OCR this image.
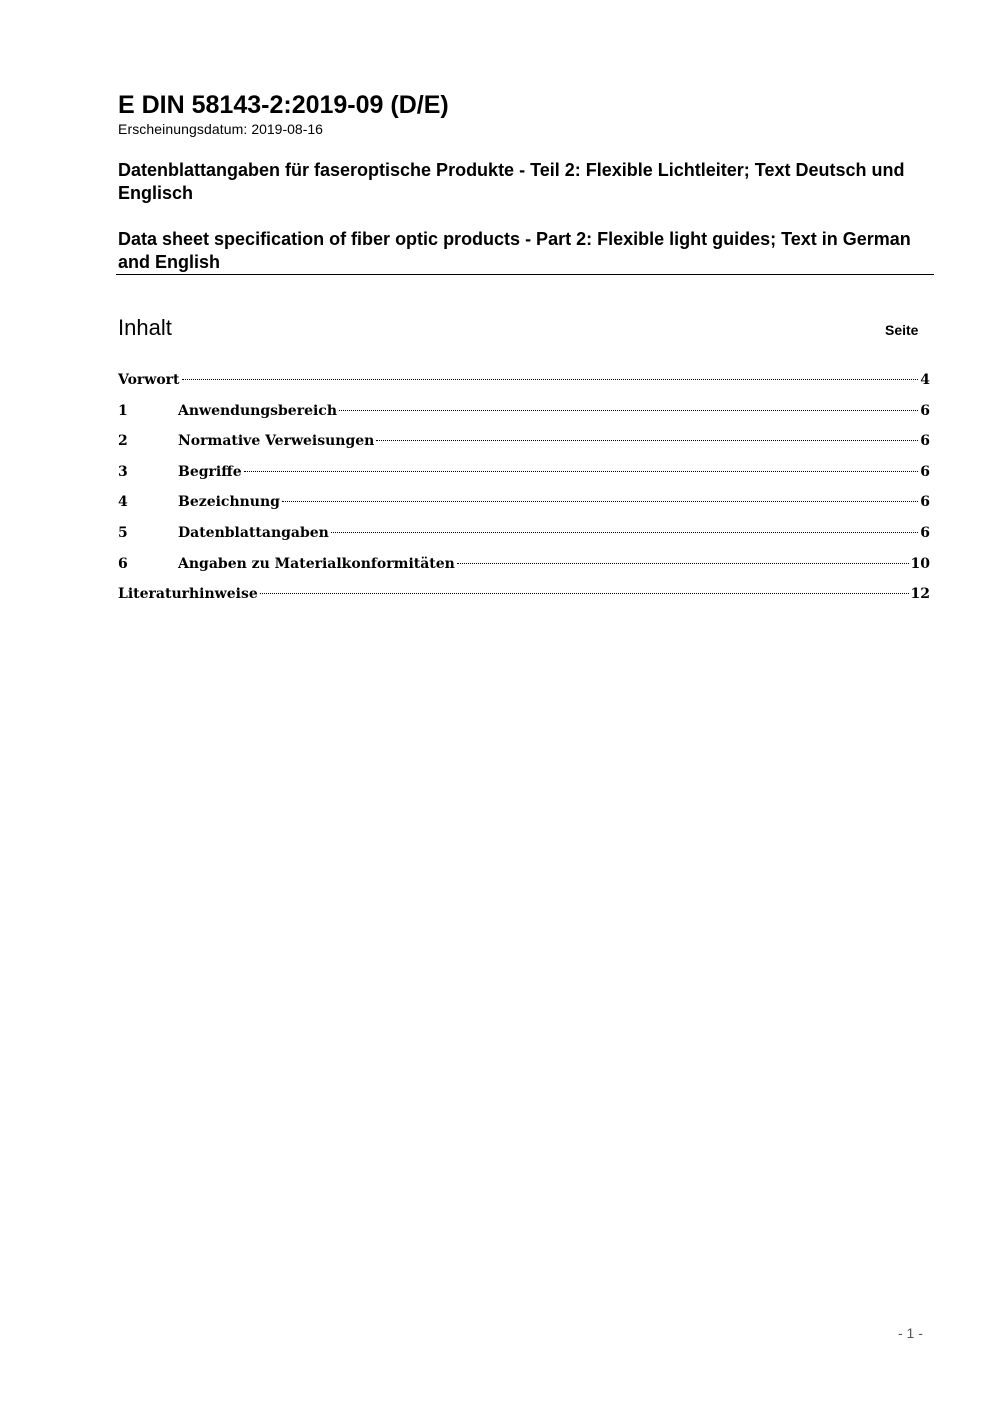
E DIN 58143-2:2019-09 (D/E)
Erscheinungsdatum: 2019-08-16
Datenblattangaben für faseroptische Produkte - Teil 2: Flexible Lichtleiter; Text Deutsch und Englisch
Data sheet specification of fiber optic products - Part 2: Flexible light guides; Text in German and English
Inhalt	Seite
Vorwort	4
1	Anwendungsbereich	6
2	Normative Verweisungen	6
3	Begriffe	6
4	Bezeichnung	6
5	Datenblattangaben	6
6	Angaben zu Materialkonformitäten	10
Literaturhinweise	12
- 1 -
